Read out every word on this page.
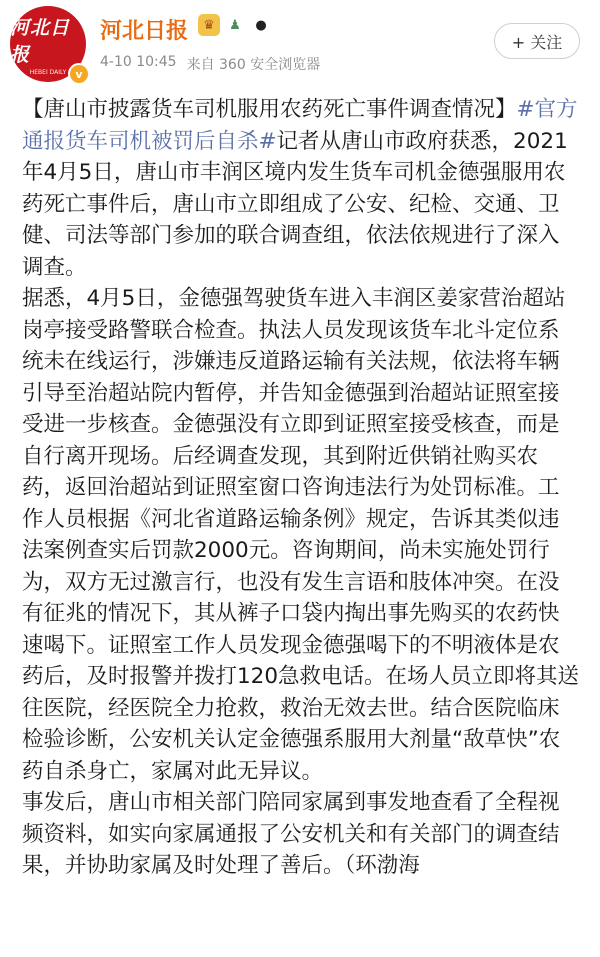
河北日报
HEBEI DAILY v
河北日报	♛	♟	●
4-10 10:45 来自 360 安全浏览器
+ 关注

【唐山市披露货车司机服用农药死亡事件调查情况】#官方通报货车司机被罚后自杀#记者从唐山市政府获悉，2021年4月5日，唐山市丰润区境内发生货车司机金德强服用农药死亡事件后，唐山市立即组成了公安、纪检、交通、卫健、司法等部门参加的联合调查组，依法依规进行了深入调查。

据悉，4月5日，金德强驾驶货车进入丰润区姜家营治超站岗亭接受路警联合检查。执法人员发现该货车北斗定位系统未在线运行，涉嫌违反道路运输有关法规，依法将车辆引导至治超站院内暂停，并告知金德强到治超站证照室接受进一步核查。金德强没有立即到证照室接受核查，而是自行离开现场。后经调查发现，其到附近供销社购买农药，返回治超站到证照室窗口咨询违法行为处罚标准。工作人员根据《河北省道路运输条例》规定，告诉其类似违法案例查实后罚款2000元。咨询期间，尚未实施处罚行为，双方无过激言行，也没有发生言语和肢体冲突。在没有征兆的情况下，其从裤子口袋内掏出事先购买的农药快速喝下。证照室工作人员发现金德强喝下的不明液体是农药后，及时报警并拨打120急救电话。在场人员立即将其送往医院，经医院全力抢救，救治无效去世。结合医院临床检验诊断，公安机关认定金德强系服用大剂量“敌草快”农药自杀身亡，家属对此无异议。

事发后，唐山市相关部门陪同家属到事发地查看了全程视频资料，如实向家属通报了公安机关和有关部门的调查结果，并协助家属及时处理了善后。（环渤海
